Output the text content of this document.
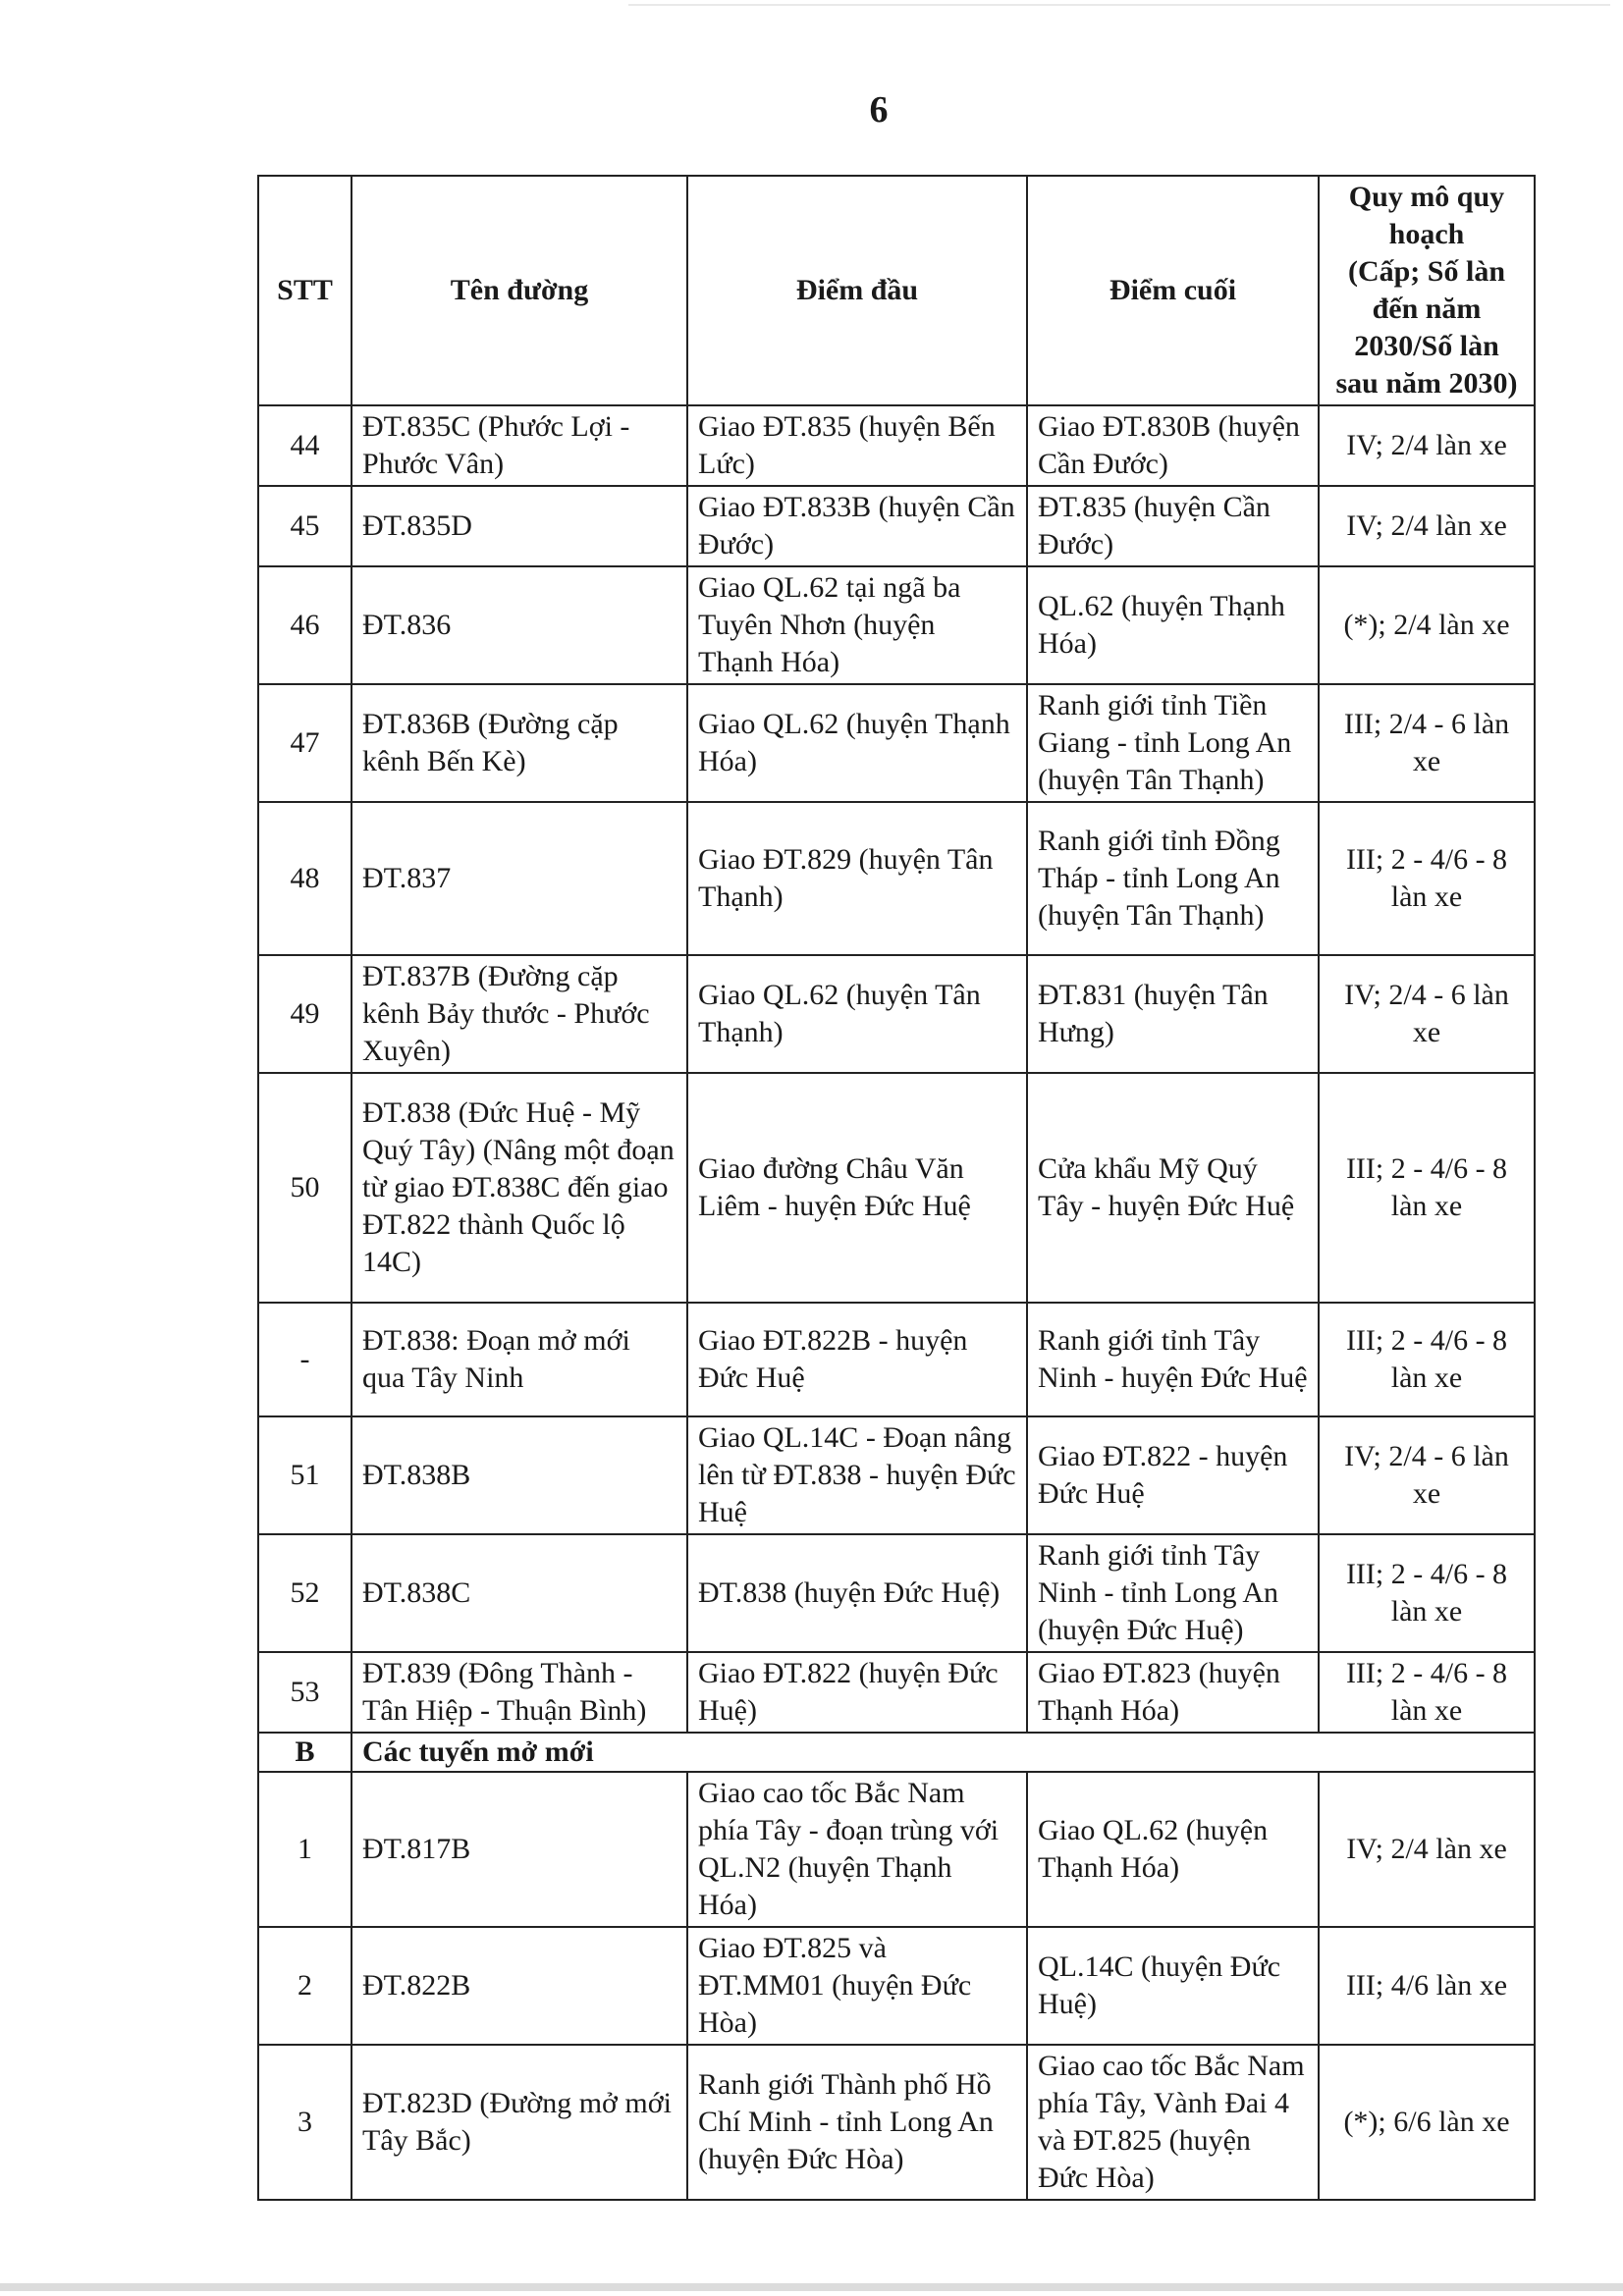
6
STT	Tên đường	Điểm đầu	Điểm cuối	Quy mô quy hoạch
(Cấp; Số làn đến năm 2030/Số làn sau năm 2030)
44	ĐT.835C (Phước Lợi - Phước Vân)	Giao ĐT.835 (huyện Bến Lức)	Giao ĐT.830B (huyện Cần Đước)	IV; 2/4 làn xe
45	ĐT.835D	Giao ĐT.833B (huyện Cần Đước)	ĐT.835 (huyện Cần Đước)	IV; 2/4 làn xe
46	ĐT.836	Giao QL.62 tại ngã ba Tuyên Nhơn (huyện Thạnh Hóa)	QL.62 (huyện Thạnh Hóa)	(*); 2/4 làn xe
47	ĐT.836B (Đường cặp kênh Bến Kè)	Giao QL.62 (huyện Thạnh Hóa)	Ranh giới tỉnh Tiền Giang - tỉnh Long An (huyện Tân Thạnh)	III; 2/4 - 6 làn xe
48	ĐT.837	Giao ĐT.829 (huyện Tân Thạnh)	Ranh giới tỉnh Đồng Tháp - tỉnh Long An (huyện Tân Thạnh)	III; 2 - 4/6 - 8 làn xe
49	ĐT.837B (Đường cặp kênh Bảy thước - Phước Xuyên)	Giao QL.62 (huyện Tân Thạnh)	ĐT.831 (huyện Tân Hưng)	IV; 2/4 - 6 làn xe
50	ĐT.838 (Đức Huệ - Mỹ Quý Tây) (Nâng một đoạn từ giao ĐT.838C đến giao ĐT.822 thành Quốc lộ 14C)	Giao đường Châu Văn Liêm - huyện Đức Huệ	Cửa khẩu Mỹ Quý Tây - huyện Đức Huệ	III; 2 - 4/6 - 8 làn xe
-	ĐT.838: Đoạn mở mới qua Tây Ninh	Giao ĐT.822B - huyện Đức Huệ	Ranh giới tỉnh Tây Ninh - huyện Đức Huệ	III; 2 - 4/6 - 8 làn xe
51	ĐT.838B	Giao QL.14C - Đoạn nâng lên từ ĐT.838 - huyện Đức Huệ	Giao ĐT.822 - huyện Đức Huệ	IV; 2/4 - 6 làn xe
52	ĐT.838C	ĐT.838 (huyện Đức Huệ)	Ranh giới tỉnh Tây Ninh - tỉnh Long An (huyện Đức Huệ)	III; 2 - 4/6 - 8 làn xe
53	ĐT.839 (Đông Thành - Tân Hiệp - Thuận Bình)	Giao ĐT.822 (huyện Đức Huệ)	Giao ĐT.823 (huyện Thạnh Hóa)	III; 2 - 4/6 - 8 làn xe
B	Các tuyến mở mới			
1	ĐT.817B	Giao cao tốc Bắc Nam phía Tây - đoạn trùng với QL.N2 (huyện Thạnh Hóa)	Giao QL.62 (huyện Thạnh Hóa)	IV; 2/4 làn xe
2	ĐT.822B	Giao ĐT.825 và ĐT.MM01 (huyện Đức Hòa)	QL.14C (huyện Đức Huệ)	III; 4/6 làn xe
3	ĐT.823D (Đường mở mới Tây Bắc)	Ranh giới Thành phố Hồ Chí Minh - tỉnh Long An (huyện Đức Hòa)	Giao cao tốc Bắc Nam phía Tây, Vành Đai 4 và ĐT.825 (huyện Đức Hòa)	(*); 6/6 làn xe
